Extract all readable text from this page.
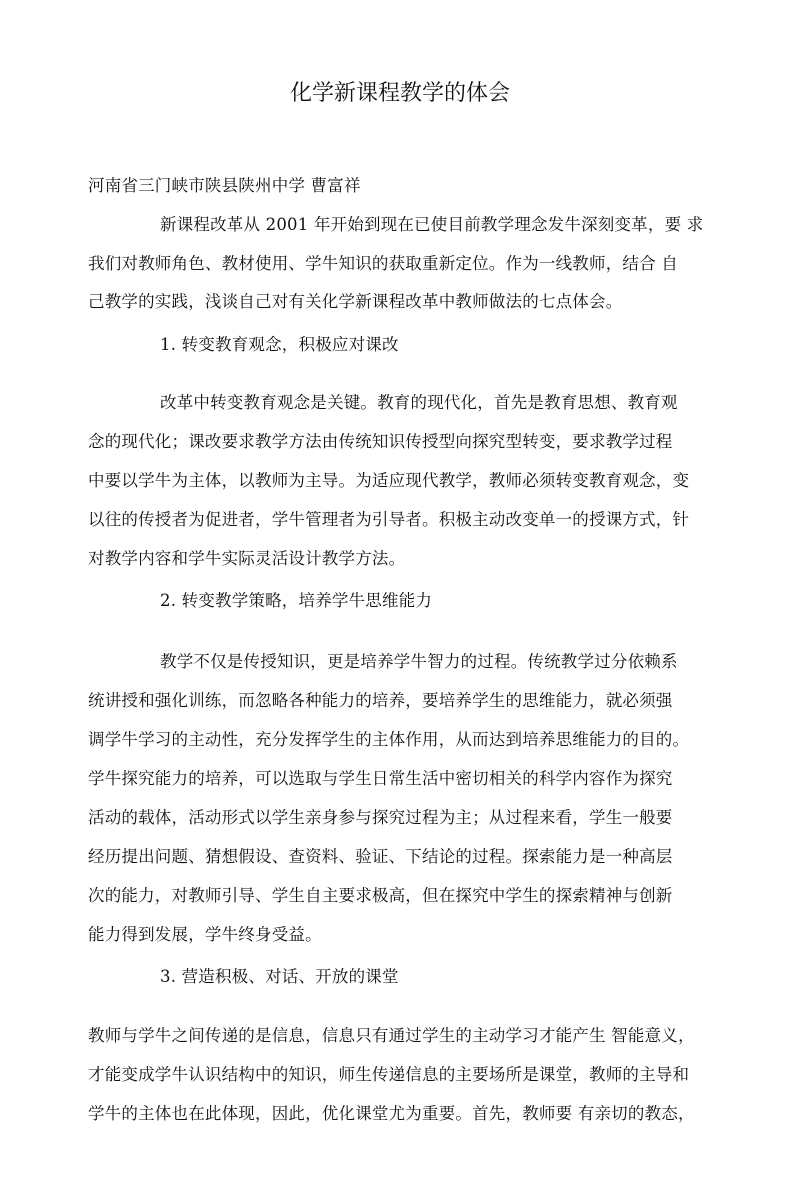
化学新课程教学的体会
河南省三门峡市陕县陕州中学 曹富祥
新课程改革从 2001 年开始到现在已使目前教学理念发牛深刻变革，要 求
我们对教师角色、教材使用、学牛知识的获取重新定位。作为一线教师，结合 自
己教学的实践，浅谈自己对有关化学新课程改革中教师做法的七点体会。
1. 转变教育观念，积极应对课改
改革中转变教育观念是关键。教育的现代化，首先是教育思想、教育观
念的现代化；课改要求教学方法由传统知识传授型向探究型转变，要求教学过程
中要以学牛为主体，以教师为主导。为适应现代教学，教师必须转变教育观念，变
以往的传授者为促进者，学牛管理者为引导者。积极主动改变单一的授课方式，针
对教学内容和学牛实际灵活设计教学方法。
2. 转变教学策略，培养学牛思维能力
教学不仅是传授知识，更是培养学牛智力的过程。传统教学过分依赖系
统讲授和强化训练，而忽略各种能力的培养，要培养学生的思维能力，就必须强
调学牛学习的主动性，充分发挥学生的主体作用，从而达到培养思维能力的目的。
学牛探究能力的培养，可以选取与学生日常生活中密切相关的科学内容作为探究
活动的载体，活动形式以学生亲身参与探究过程为主；从过程来看，学生一般要
经历提出问题、猜想假设、查资料、验证、下结论的过程。探索能力是一种高层
次的能力，对教师引导、学生自主要求极高，但在探究中学生的探索精神与创新
能力得到发展，学牛终身受益。
3. 营造积极、对话、开放的课堂
教师与学牛之间传递的是信息，信息只有通过学生的主动学习才能产生 智能意义，
才能变成学牛认识结构中的知识，师生传递信息的主要场所是课堂，教师的主导和
学牛的主体也在此体现，因此，优化课堂尤为重要。首先，教师要 有亲切的教态，
